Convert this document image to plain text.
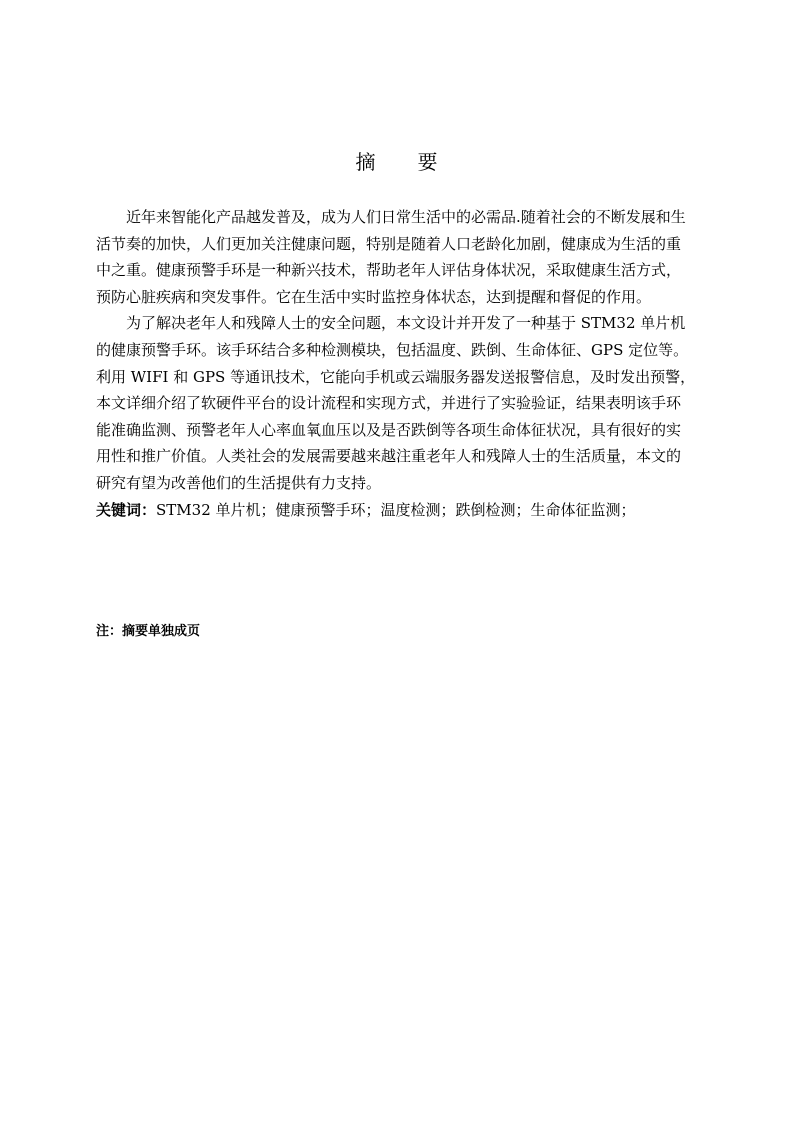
摘 要

近年来智能化产品越发普及，成为人们日常生活中的必需品.随着社会的不断发展和生
活节奏的加快，人们更加关注健康问题，特别是随着人口老龄化加剧，健康成为生活的重
中之重。健康预警手环是一种新兴技术，帮助老年人评估身体状况，采取健康生活方式，
预防心脏疾病和突发事件。它在生活中实时监控身体状态，达到提醒和督促的作用。

为了解决老年人和残障人士的安全问题，本文设计并开发了一种基于 STM32 单片机
的健康预警手环。该手环结合多种检测模块，包括温度、跌倒、生命体征、GPS 定位等。
利用 WIFI 和 GPS 等通讯技术，它能向手机或云端服务器发送报警信息，及时发出预警，
本文详细介绍了软硬件平台的设计流程和实现方式，并进行了实验验证，结果表明该手环
能准确监测、预警老年人心率血氧血压以及是否跌倒等各项生命体征状况，具有很好的实
用性和推广价值。人类社会的发展需要越来越注重老年人和残障人士的生活质量，本文的
研究有望为改善他们的生活提供有力支持。

关键词：STM32 单片机；健康预警手环；温度检测；跌倒检测；生命体征监测；

注：摘要单独成页
